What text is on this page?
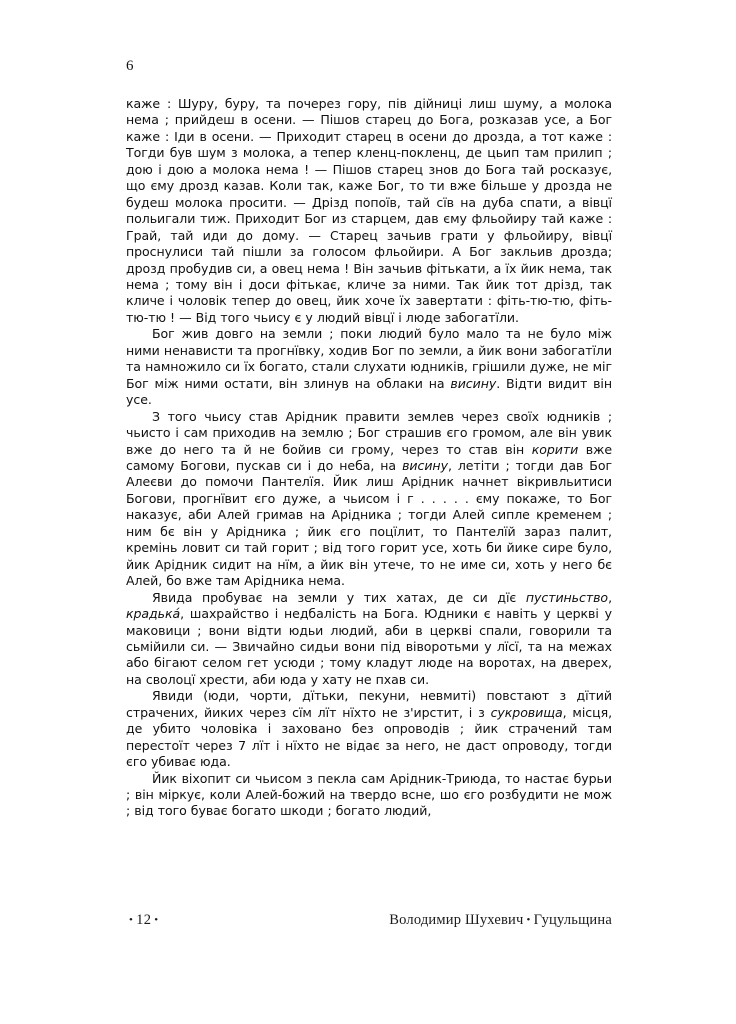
6

каже : Шуру, буру, та почерез гору, пів дійниці лиш шуму, а молока нема ; прийдеш в осени. — Пішов старец до Бога, розказав усе, а Бог каже : Іди в осени. — Приходит старец в осени до дрозда, а тот каже : Тогди був шум з молока, а тепер кленц-покленц, де цьип там прилип ; дою і дою а молока нема ! — Пішов старец знов до Бога тай росказує, що єму дрозд казав. Коли так, каже Бог, то ти вже більше у дрозда не будеш молока просити. — Дрізд попоїв, тай сїв на дуба спати, а вівцї польигали тиж. Приходит Бог из старцем, дав єму фльойиру тай каже : Грай, тай иди до дому. — Старец зачьив грати у фльойиру, вівцї проснулиси тай пішли за голосом фльойири. А Бог закльив дрозда; дрозд пробудив си, а овец нема ! Він зачьив фітькати, а їх йик нема, так нема ; тому він і доси фітькає, кличе за ними. Так йик тот дрізд, так кличе і чоловік тепер до овец, йик хоче їх завертати : фіть-тю-тю, фіть-тю-тю ! — Від того чьису є у людий вівцї і люде забогатїли.

Бог жив довго на земли ; поки людий було мало та не було між ними ненависти та прогнївку, ходив Бог по земли, а йик вони забогатїли та намножило си їх богато, стали слухати юдників, грішили дуже, не міг Бог між ними остати, він злинув на облаки на висину. Відти видит він усе.

З того чьису став Арідник правити землев через своїх юдників ; чьисто і сам приходив на землю ; Бог страшив єго громом, але він увик вже до него та й не бойив си грому, через то став він корити вже самому Богови, пускав си і до неба, на висину, летіти ; тогди дав Бог Алеєви до помочи Пантелїя. Йик лиш Арідник начнет вікривльитиси Богови, прогнївит єго дуже, а чьисом і г . . . . . єму покаже, то Бог наказує, аби Алей гримав на Арідника ; тогди Алей сипле кременем ; ним бє він у Арідника ; йик єго поцїлит, то Пантелїй зараз палит, кремінь ловит си тай горит ; від того горит усе, хоть би йике сире було, йик Арідник сидит на нїм, а йик він утече, то не име си, хоть у него бє Алей, бо вже там Арідника нема.

Явида пробуває на земли у тих хатах, де си дїє пустиньство, крадькá, шахрайство і недбалість на Бога. Юдники є навіть у церкві у маковици ; вони відти юдьи людий, аби в церкві спали, говорили та сьмійили си. — Звичайно сидьи вони під віворотьми у лїсї, та на межах або бігают селом гет усюди ; тому кладут люде на воротах, на дверех, на сволоцї хрести, аби юда у хату не пхав си.

Явиди (юди, чорти, дїтьки, пекуни, невмиті) повстают з дїтий страчених, йиких через сїм лїт нїхто не з'ирстит, і з сукровища, місця, де убито чоловіка і заховано без опроводів ; йик страчений там перестоїт через 7 лїт і нїхто не відає за него, не даст опроводу, тогди єго убиває юда.

Йик віхопит си чьисом з пекла сам Арідник-Триюда, то настає бурьи ; він міркує, коли Алей-божий на твердо всне, шо єго розбудити не мож ; від того буває богато шкоди ; богато людий,

• 12 •	Володимир Шухевич • Гуцульщина
